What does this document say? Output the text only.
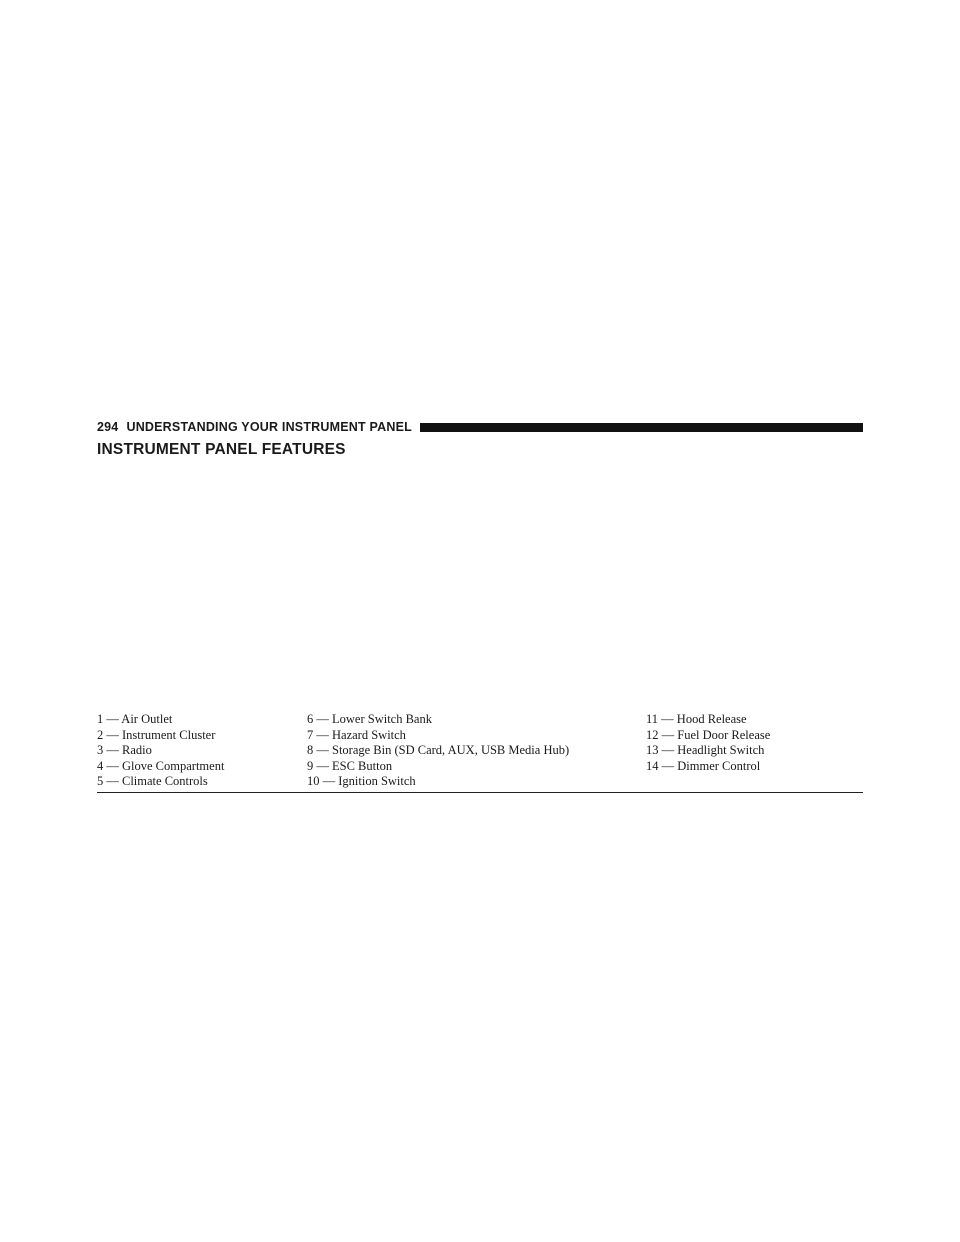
294 UNDERSTANDING YOUR INSTRUMENT PANEL
INSTRUMENT PANEL FEATURES
1 — Air Outlet
2 — Instrument Cluster
3 — Radio
4 — Glove Compartment
5 — Climate Controls
6 — Lower Switch Bank
7 — Hazard Switch
8 — Storage Bin (SD Card, AUX, USB Media Hub)
9 — ESC Button
10 — Ignition Switch
11 — Hood Release
12 — Fuel Door Release
13 — Headlight Switch
14 — Dimmer Control
